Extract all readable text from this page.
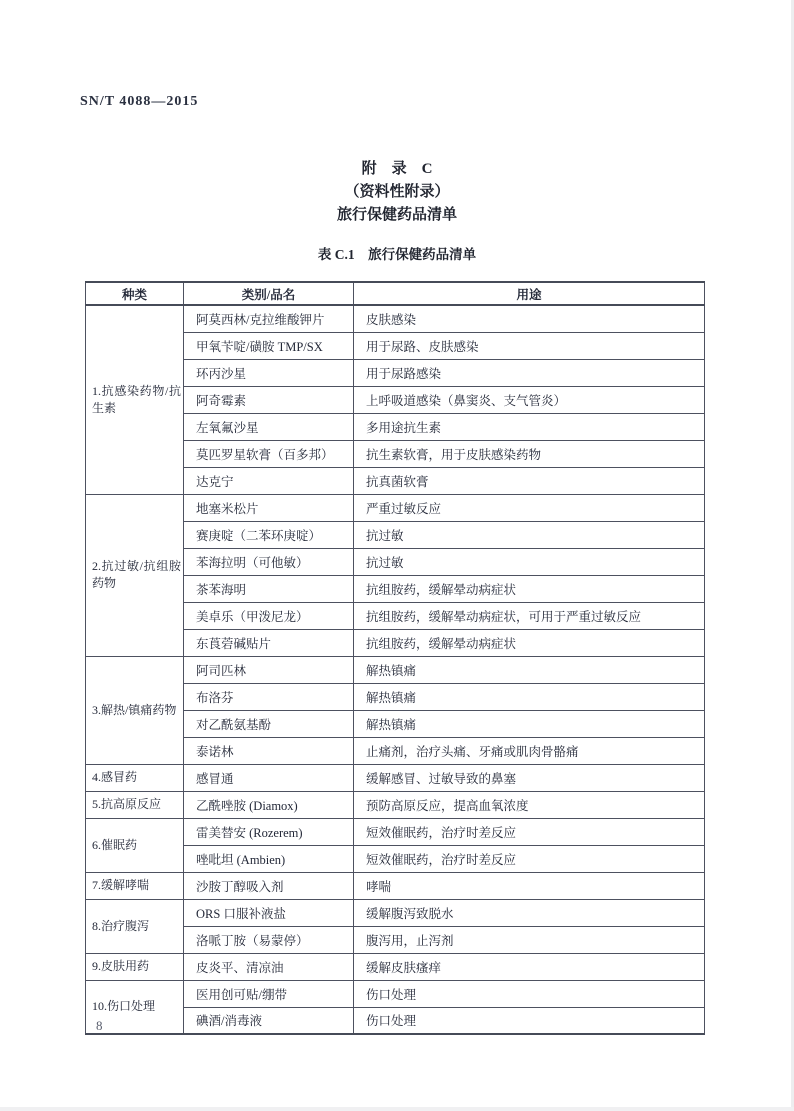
SN/T 4088—2015
附　录　C
（资料性附录）
旅行保健药品清单
表 C.1　旅行保健药品清单
种类	类别/品名	用途
1.抗感染药物/抗生素	阿莫西林/克拉维酸钾片	皮肤感染
	甲氧苄啶/磺胺 TMP/SX	用于尿路、皮肤感染
	环丙沙星	用于尿路感染
	阿奇霉素	上呼吸道感染（鼻窦炎、支气管炎）
	左氧氟沙星	多用途抗生素
	莫匹罗星软膏（百多邦）	抗生素软膏，用于皮肤感染药物
	达克宁	抗真菌软膏
2.抗过敏/抗组胺药物	地塞米松片	严重过敏反应
	赛庚啶（二苯环庚啶）	抗过敏
	苯海拉明（可他敏）	抗过敏
	茶苯海明	抗组胺药，缓解晕动病症状
	美卓乐（甲泼尼龙）	抗组胺药，缓解晕动病症状，可用于严重过敏反应
	东莨菪碱贴片	抗组胺药，缓解晕动病症状
3.解热/镇痛药物	阿司匹林	解热镇痛
	布洛芬	解热镇痛
	对乙酰氨基酚	解热镇痛
	泰诺林	止痛剂，治疗头痛、牙痛或肌肉骨骼痛
4.感冒药	感冒通	缓解感冒、过敏导致的鼻塞
5.抗高原反应	乙酰唑胺 (Diamox)	预防高原反应，提高血氧浓度
6.催眠药	雷美替安 (Rozerem)	短效催眠药，治疗时差反应
	唑吡坦 (Ambien)	短效催眠药，治疗时差反应
7.缓解哮喘	沙胺丁醇吸入剂	哮喘
8.治疗腹泻	ORS 口服补液盐	缓解腹泻致脱水
	洛哌丁胺（易蒙停）	腹泻用，止泻剂
9.皮肤用药	皮炎平、清凉油	缓解皮肤瘙痒
10.伤口处理	医用创可贴/绷带	伤口处理
	碘酒/消毒液	伤口处理
8
